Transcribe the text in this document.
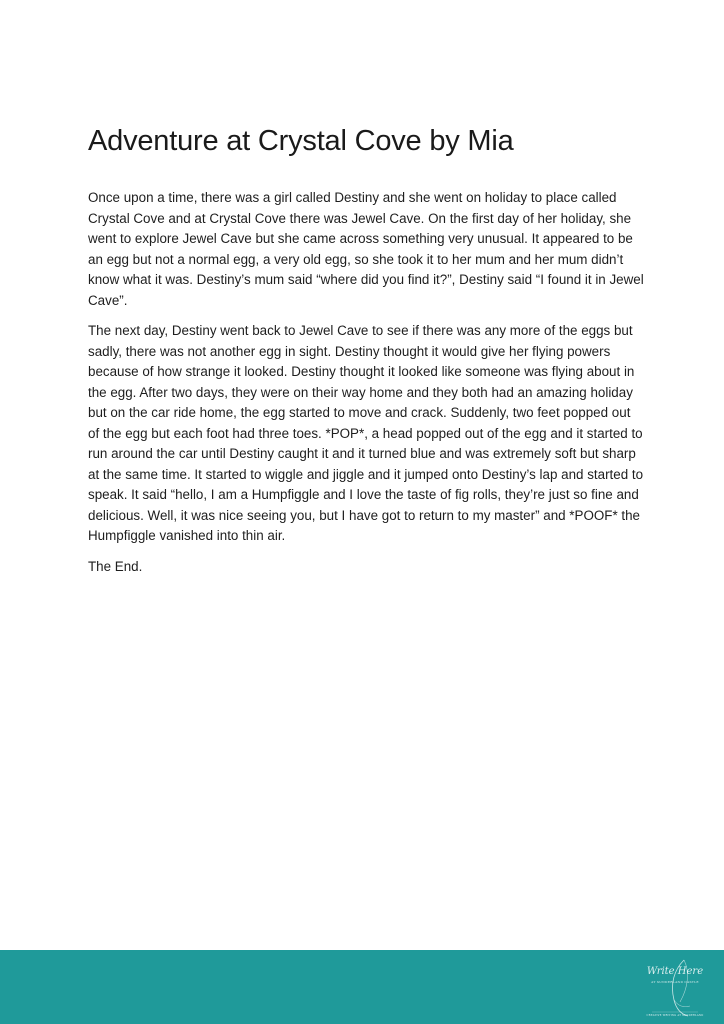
Adventure at Crystal Cove by Mia

Once upon a time, there was a girl called Destiny and she went on holiday to place called Crystal Cove and at Crystal Cove there was Jewel Cave. On the first day of her holiday, she went to explore Jewel Cave but she came across something very unusual. It appeared to be an egg but not a normal egg, a very old egg, so she took it to her mum and her mum didn’t know what it was. Destiny’s mum said “where did you find it?”, Destiny said “I found it in Jewel Cave”.

The next day, Destiny went back to Jewel Cave to see if there was any more of the eggs but sadly, there was not another egg in sight. Destiny thought it would give her flying powers because of how strange it looked. Destiny thought it looked like someone was flying about in the egg. After two days, they were on their way home and they both had an amazing holiday but on the car ride home, the egg started to move and crack. Suddenly, two feet popped out of the egg but each foot had three toes. *POP*, a head popped out of the egg and it started to run around the car until Destiny caught it and it turned blue and was extremely soft but sharp at the same time. It started to wiggle and jiggle and it jumped onto Destiny’s lap and started to speak. It said “hello, I am a Humpfiggle and I love the taste of fig rolls, they’re just so fine and delicious. Well, it was nice seeing you, but I have got to return to my master” and *POOF* the Humpfiggle vanished into thin air.

The End.

Write Here
AT SUNDERLAND CASTLE
CREATIVE WRITING AT SUNDERLAND
